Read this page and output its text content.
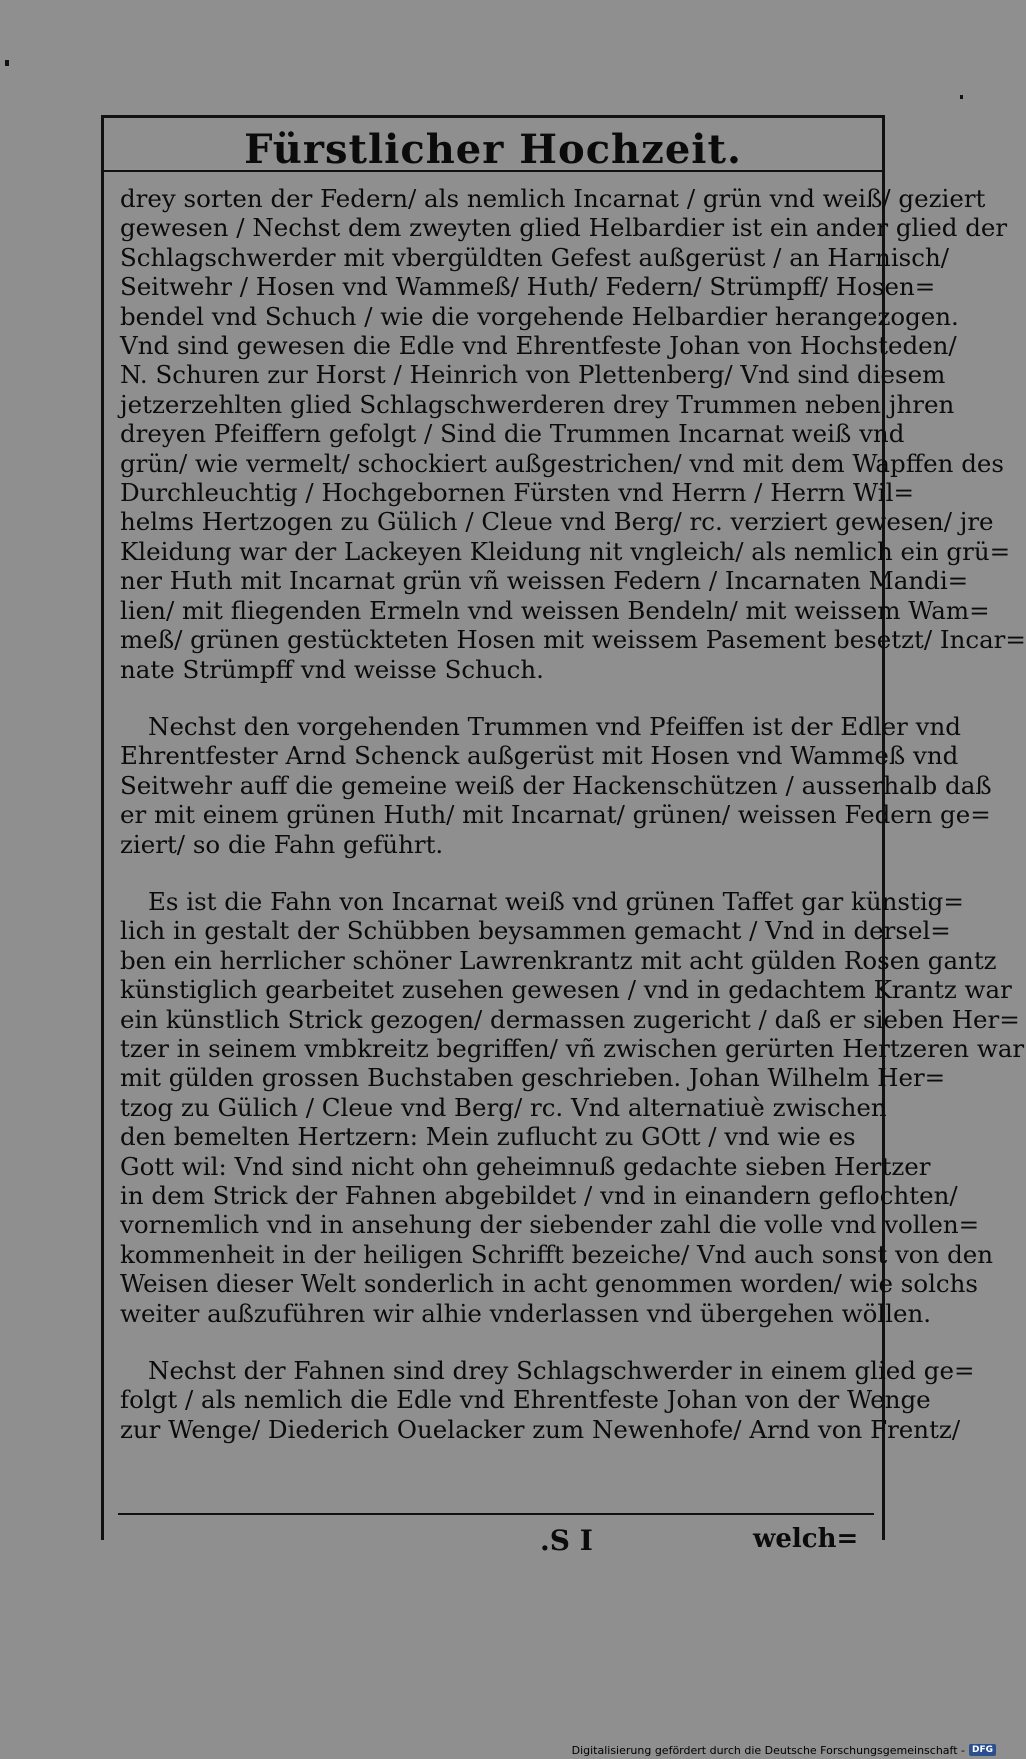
Fürstlicher Hochzeit.
drey sorten der Federn/ als nemlich Incarnat / grün vnd weiß/ geziert
gewesen / Nechst dem zweyten glied Helbardier ist ein ander glied der
Schlagschwerder mit vbergüldten Gefest außgerüst / an Harnisch/
Seitwehr / Hosen vnd Wammeß/ Huth/ Federn/ Strümpff/ Hosen=
bendel vnd Schuch / wie die vorgehende Helbardier herangezogen.
Vnd sind gewesen die Edle vnd Ehrentfeste Johan von Hochsteden/
N. Schuren zur Horst / Heinrich von Plettenberg/ Vnd sind diesem
jetzerzehlten glied Schlagschwerderen drey Trummen neben jhren
dreyen Pfeiffern gefolgt / Sind die Trummen Incarnat weiß vnd
grün/ wie vermelt/ schockiert außgestrichen/ vnd mit dem Wapffen des
Durchleuchtig / Hochgebornen Fürsten vnd Herrn / Herrn Wil=
helms Hertzogen zu Gülich / Cleue vnd Berg/ rc. verziert gewesen/ jre
Kleidung war der Lackeyen Kleidung nit vngleich/ als nemlich ein grü=
ner Huth mit Incarnat grün vñ weissen Federn / Incarnaten Mandi=
lien/ mit fliegenden Ermeln vnd weissen Bendeln/ mit weissem Wam=
meß/ grünen gestückteten Hosen mit weissem Pasement besetzt/ Incar=
nate Strümpff vnd weisse Schuch.
Nechst den vorgehenden Trummen vnd Pfeiffen ist der Edler vnd
Ehrentfester Arnd Schenck außgerüst mit Hosen vnd Wammeß vnd
Seitwehr auff die gemeine weiß der Hackenschützen / ausserhalb daß
er mit einem grünen Huth/ mit Incarnat/ grünen/ weissen Federn ge=
ziert/ so die Fahn geführt.
Es ist die Fahn von Incarnat weiß vnd grünen Taffet gar künstig=
lich in gestalt der Schübben beysammen gemacht / Vnd in dersel=
ben ein herrlicher schöner Lawrenkrantz mit acht gülden Rosen gantz
künstiglich gearbeitet zusehen gewesen / vnd in gedachtem Krantz war
ein künstlich Strick gezogen/ dermassen zugericht / daß er sieben Her=
tzer in seinem vmbkreitz begriffen/ vñ zwischen gerürten Hertzeren war
mit gülden grossen Buchstaben geschrieben. Johan Wilhelm Her=
tzog zu Gülich / Cleue vnd Berg/ rc. Vnd alternatiuè zwischen
den bemelten Hertzern: Mein zuflucht zu GOtt / vnd wie es
Gott wil: Vnd sind nicht ohn geheimnuß gedachte sieben Hertzer
in dem Strick der Fahnen abgebildet / vnd in einandern geflochten/
vornemlich vnd in ansehung der siebender zahl die volle vnd vollen=
kommenheit in der heiligen Schrifft bezeiche/ Vnd auch sonst von den
Weisen dieser Welt sonderlich in acht genommen worden/ wie solchs
weiter außzuführen wir alhie vnderlassen vnd übergehen wöllen.
Nechst der Fahnen sind drey Schlagschwerder in einem glied ge=
folgt / als nemlich die Edle vnd Ehrentfeste Johan von der Wenge
zur Wenge/ Diederich Ouelacker zum Newenhofe/ Arnd von Frentz/
.S I	welch=
Digitalisierung gefördert durch die Deutsche Forschungsgemeinschaft - DFG
